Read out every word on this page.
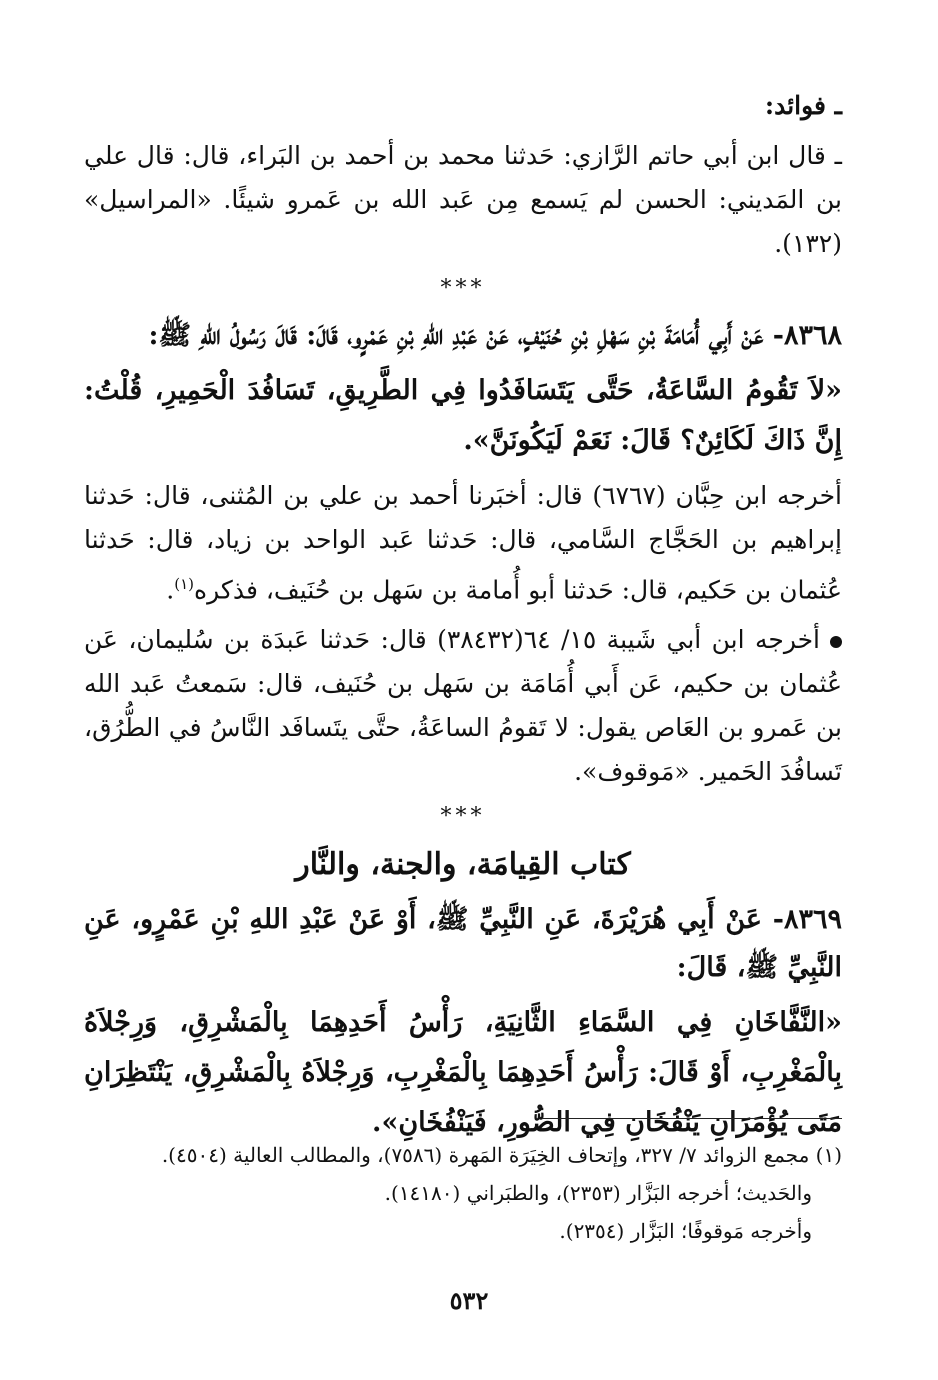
ـ فوائد:
ـ قال ابن أبي حاتم الرَّازي: حَدثنا محمد بن أحمد بن البَراء، قال: قال علي بن المَديني: الحسن لم يَسمع مِن عَبد الله بن عَمرو شيئًا. «المراسيل» (١٣٢).
***
٨٣٦٨- عَنْ أَبِي أُمَامَةَ بْنِ سَهْلِ بْنِ حُنَيْفٍ، عَنْ عَبْدِ اللهِ بْنِ عَمْرٍو، قَالَ: قَالَ رَسُولُ اللهِ ﷺ:
«لاَ تَقُومُ السَّاعَةُ، حَتَّى يَتَسَافَدُوا فِي الطَّرِيقِ، تَسَافُدَ الْحَمِيرِ، قُلْتُ: إِنَّ ذَاكَ لَكَائِنٌ؟ قَالَ: نَعَمْ لَيَكُونَنَّ».
أخرجه ابن حِبَّان (٦٧٦٧) قال: أخبَرنا أحمد بن علي بن المُثنى، قال: حَدثنا إبراهيم بن الحَجَّاج السَّامي، قال: حَدثنا عَبد الواحد بن زياد، قال: حَدثنا عُثمان بن حَكيم، قال: حَدثنا أبو أُمامة بن سَهل بن حُنَيف، فذكره$^{(١)}$.
أخرجه ابن أبي شَيبة ١٥/ ٦٤(٣٨٤٣٢) قال: حَدثنا عَبدَة بن سُليمان، عَن عُثمان بن حكيم، عَن أَبي أُمَامَة بن سَهل بن حُنَيف، قال: سَمعتُ عَبد الله بن عَمرو بن العَاص يقول: لا تَقومُ الساعَةُ، حتَّى يتَسافَد النَّاسُ في الطُّرُق، تَسافُدَ الحَمير. «مَوقوف».
***
كتاب القِيامَة، والجنة، والنَّار
٨٣٦٩- عَنْ أَبِي هُرَيْرَةَ، عَنِ النَّبِيِّ ﷺ، أَوْ عَنْ عَبْدِ اللهِ بْنِ عَمْرٍو، عَنِ النَّبِيِّ ﷺ، قَالَ:
«النَّفَّاخَانِ فِي السَّمَاءِ الثَّانِيَةِ، رَأْسُ أَحَدِهِمَا بِالْمَشْرِقِ، وَرِجْلاَهُ بِالْمَغْرِبِ، أَوْ قَالَ: رَأْسُ أَحَدِهِمَا بِالْمَغْرِبِ، وَرِجْلاَهُ بِالْمَشْرِقِ، يَنْتَظِرَانِ مَتَى يُؤْمَرَانِ يَنْفُخَانِ فِي الصُّورِ، فَيَنْفُخَانِ».
(١) مجمع الزوائد ٧/ ٣٢٧، وإتحاف الخِيَرَة المَهرة (٧٥٨٦)، والمطالب العالية (٤٥٠٤).
والحَديث؛ أخرجه البَزَّار (٢٣٥٣)، والطبَراني (١٤١٨٠).
وأخرجه مَوقوفًا؛ البَزَّار (٢٣٥٤).
٥٣٢
